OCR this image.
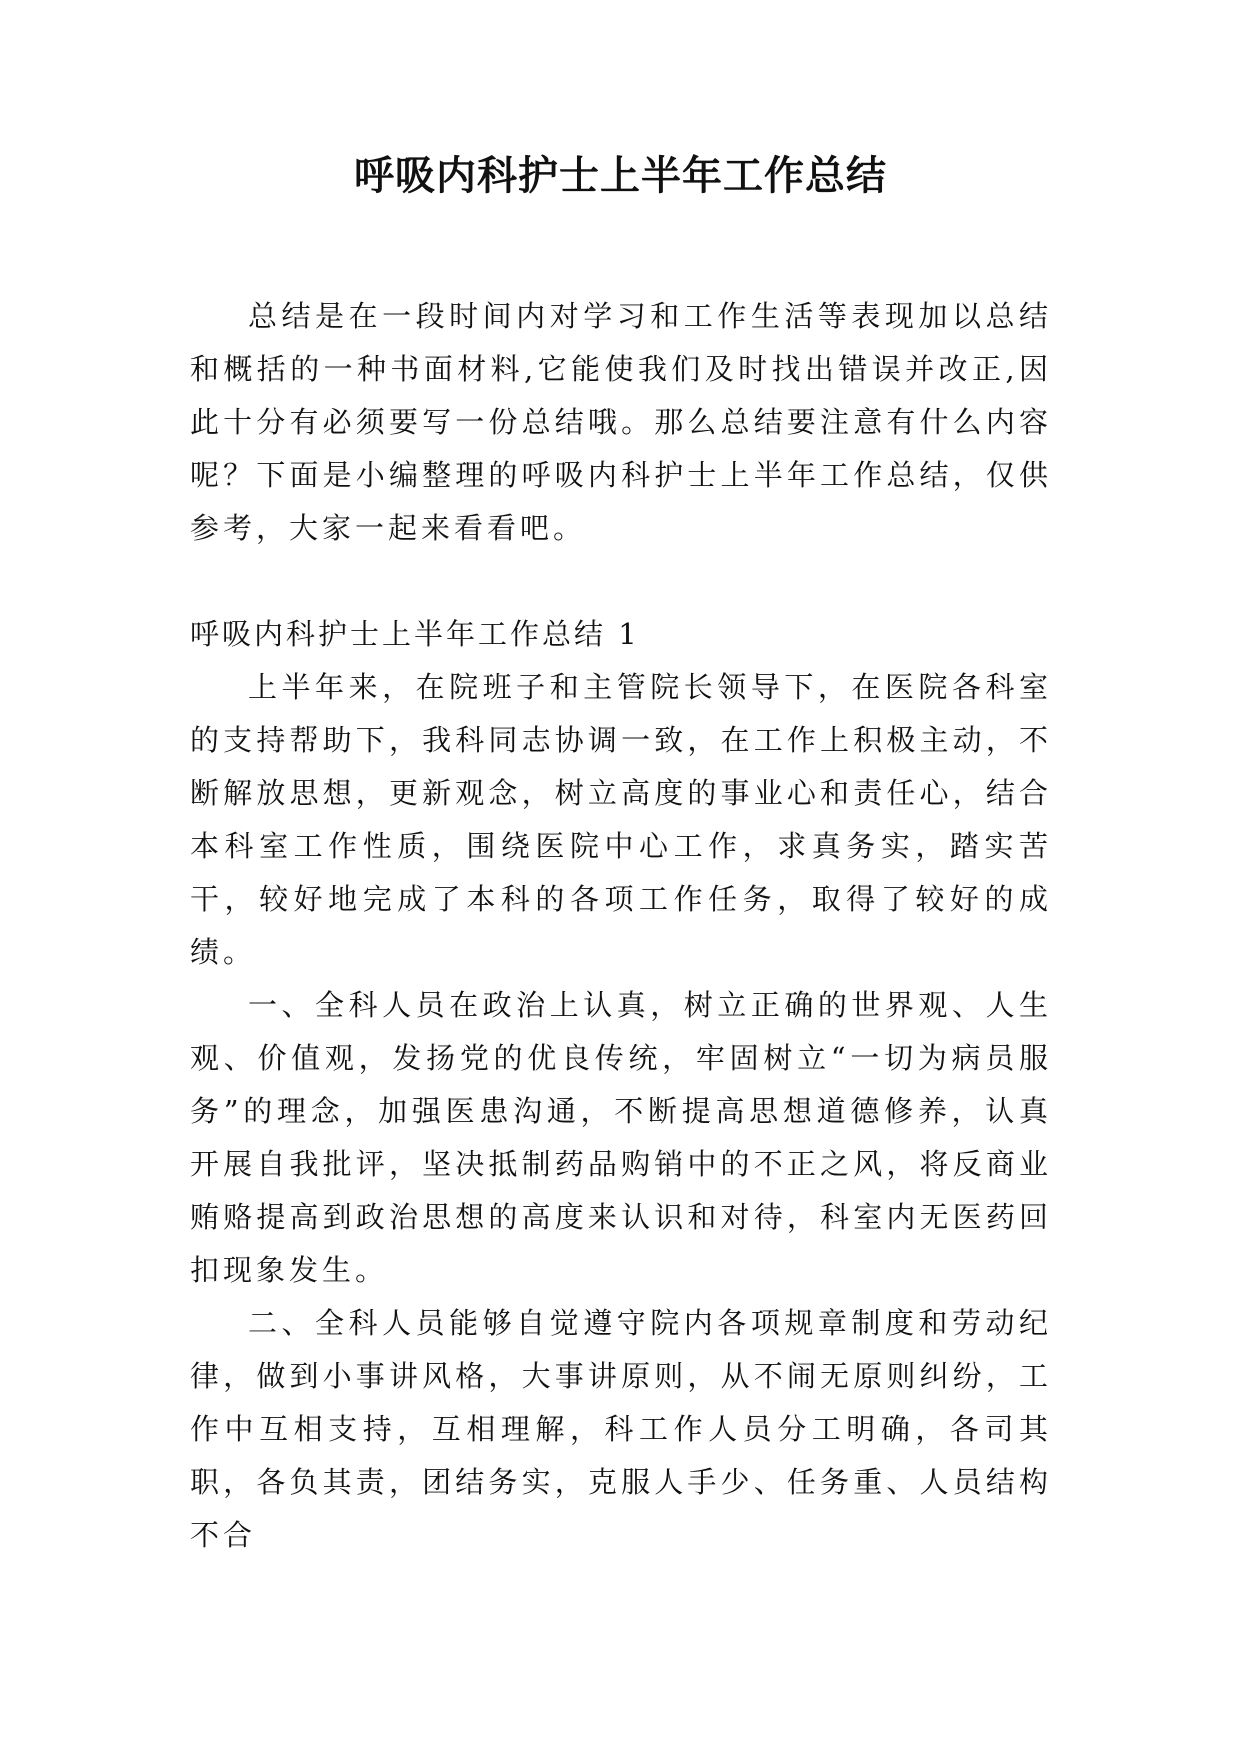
呼吸内科护士上半年工作总结

总结是在一段时间内对学习和工作生活等表现加以总结和概括的一种书面材料,它能使我们及时找出错误并改正,因此十分有必须要写一份总结哦。那么总结要注意有什么内容呢？下面是小编整理的呼吸内科护士上半年工作总结，仅供参考，大家一起来看看吧。

呼吸内科护士上半年工作总结 1

上半年来，在院班子和主管院长领导下，在医院各科室的支持帮助下，我科同志协调一致，在工作上积极主动，不断解放思想，更新观念，树立高度的事业心和责任心，结合本科室工作性质，围绕医院中心工作，求真务实，踏实苦干，较好地完成了本科的各项工作任务，取得了较好的成绩。

一、全科人员在政治上认真，树立正确的世界观、人生观、价值观，发扬党的优良传统，牢固树立“一切为病员服务”的理念，加强医患沟通，不断提高思想道德修养，认真开展自我批评，坚决抵制药品购销中的不正之风，将反商业贿赂提高到政治思想的高度来认识和对待，科室内无医药回扣现象发生。

二、全科人员能够自觉遵守院内各项规章制度和劳动纪律，做到小事讲风格，大事讲原则，从不闹无原则纠纷，工作中互相支持，互相理解，科工作人员分工明确，各司其职，各负其责，团结务实，克服人手少、任务重、人员结构不合
